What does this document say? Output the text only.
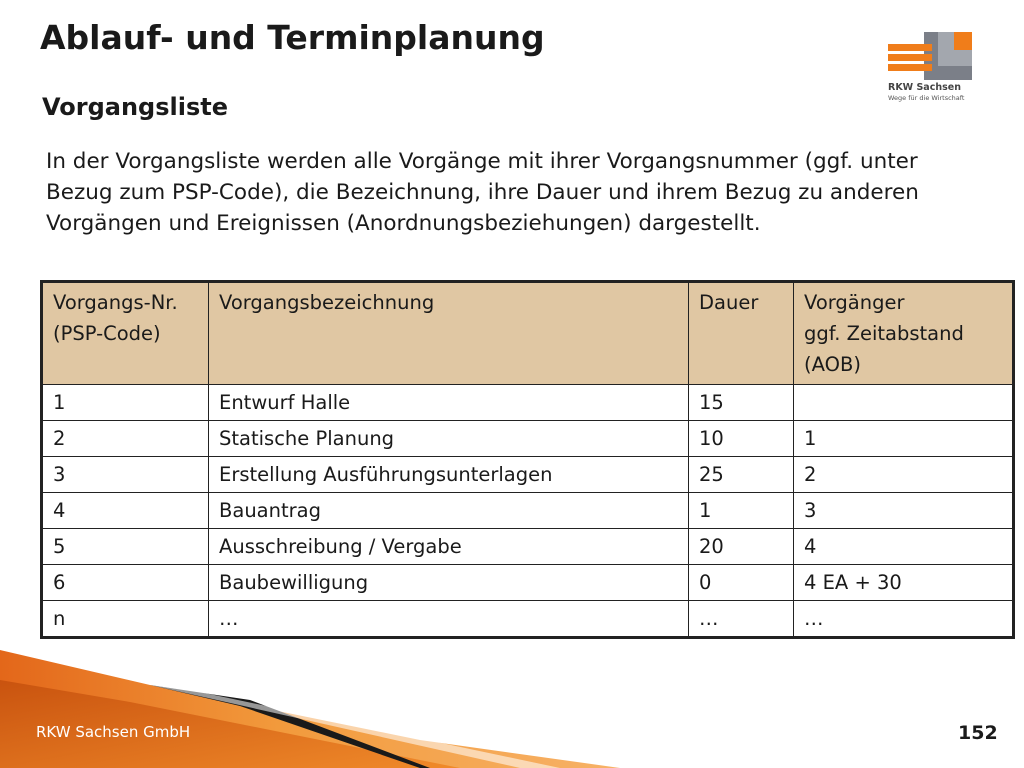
Ablauf- und Terminplanung
RKW Sachsen
Wege für die Wirtschaft
Vorgangsliste

In der Vorgangsliste werden alle Vorgänge mit ihrer Vorgangsnummer (ggf. unter Bezug zum PSP-Code), die Bezeichnung, ihre Dauer und ihrem Bezug zu anderen Vorgängen und Ereignissen (Anordnungsbeziehungen) dargestellt.

Vorgangs-Nr.
(PSP-Code)	Vorgangsbezeichnung	Dauer	Vorgänger
ggf. Zeitabstand
(AOB)

1	Entwurf Halle	15	
2	Statische Planung	10	1
3	Erstellung Ausführungsunterlagen	25	2
4	Bauantrag	1	3
5	Ausschreibung / Vergabe	20	4
6	Baubewilligung	0	4 EA + 30
n	…	…	…
RKW Sachsen GmbH	152
